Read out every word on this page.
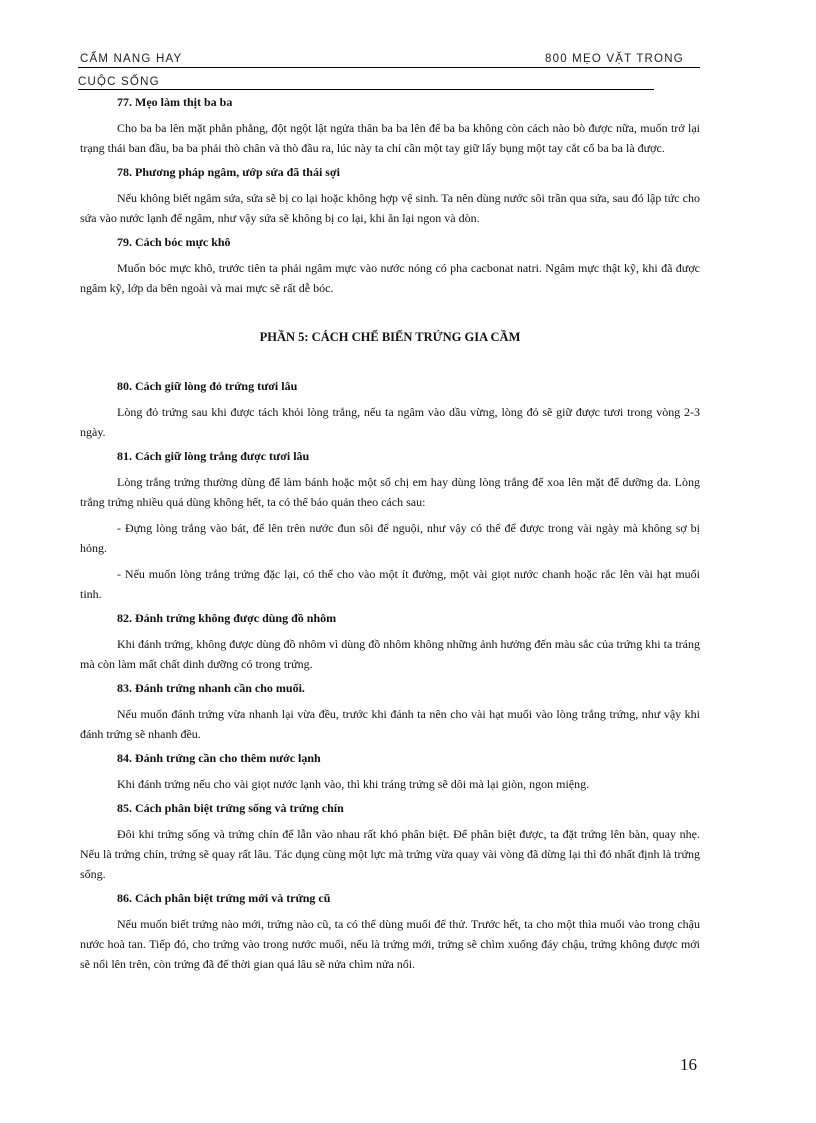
CẨM NANG HAY	800 MẸO VẶT TRONG
CUỘC SỐNG
77. Mẹo làm thịt ba ba
Cho ba ba lên mặt phẳn phẳng, đột ngột lật ngửa thân ba ba lên để ba ba không còn cách nào bò được nữa, muốn trở lại trạng thái ban đầu, ba ba phải thò chân và thò đầu ra, lúc này ta chỉ cần một tay giữ lấy bụng một tay cắt cổ ba ba là được.
78. Phương pháp ngâm, ướp sứa đã thái sợi
Nếu không biết ngâm sứa, sứa sẽ bị co lại hoặc không hợp vệ sinh. Ta nên dùng nước sôi trần qua sứa, sau đó lập tức cho sứa vào nước lạnh để ngâm, như vậy sứa sẽ không bị co lại, khi ăn lại ngon và dòn.
79. Cách bóc mực khô
Muốn bóc mực khô, trước tiên ta phải ngâm mực vào nước nóng có pha cacbonat natri. Ngâm mực thật kỹ, khi đã được ngâm kỹ, lớp da bên ngoài và mai mực sẽ rất dễ bóc.
PHẦN 5: CÁCH CHẾ BIẾN TRỨNG GIA CẦM
80. Cách giữ lòng đỏ trứng tươi lâu
Lòng đỏ trứng sau khi được tách khỏi lòng trắng, nếu ta ngâm vào dầu vừng, lòng đỏ sẽ giữ được tươi trong vòng 2-3 ngày.
81. Cách giữ lòng trắng được tươi lâu
Lòng trắng trứng thường dùng để làm bánh hoặc một số chị em hay dùng lòng trắng để xoa lên mặt để dưỡng da. Lòng trắng trứng nhiều quá dùng không hết, ta có thể bảo quản theo cách sau:
- Đựng lòng trắng vào bát, để lên trên nước đun sôi để nguội, như vậy có thể để được trong vài ngày mà không sợ bị hỏng.
- Nếu muốn lòng trắng trứng đặc lại, có thể cho vào một ít đường, một vài giọt nước chanh hoặc rắc lên vài hạt muối tinh.
82. Đánh trứng không được dùng đồ nhôm
Khi đánh trứng, không được dùng đồ nhôm vì dùng đồ nhôm không những ảnh hưởng đến màu sắc của trứng khi ta tráng mà còn làm mất chất dinh dưỡng có trong trứng.
83. Đánh trứng nhanh cần cho muối.
Nếu muốn đánh trứng vừa nhanh lại vừa đều, trước khi đánh ta nên cho vài hạt muối vào lòng trắng trứng, như vậy khi đánh trứng sẽ nhanh đều.
84. Đánh trứng cần cho thêm nước lạnh
Khi đánh trứng nếu cho vài giọt nước lạnh vào, thì khi tráng trứng sẽ dôi mà lại giòn, ngon miệng.
85. Cách phân biệt trứng sống và trứng chín
Đôi khi trứng sống và trứng chín để lẫn vào nhau rất khó phân biệt. Để phân biệt được, ta đặt trứng lên bàn, quay nhẹ. Nếu là trứng chín, trứng sẽ quay rất lâu. Tác dụng cùng một lực mà trứng vừa quay vài vòng đã dừng lại thì đó nhất định là trứng sống.
86. Cách phân biệt trứng mới và trứng cũ
Nếu muốn biết trứng nào mới, trứng nào cũ, ta có thể dùng muối để thử. Trước hết, ta cho một thìa muối vào trong chậu nước hoà tan. Tiếp đó, cho trứng vào trong nước muối, nếu là trứng mới, trứng sẽ chìm xuống đáy chậu, trứng không được mới sẽ nổi lên trên, còn trứng đã để thời gian quá lâu sẽ nửa chìm nửa nổi.
16
